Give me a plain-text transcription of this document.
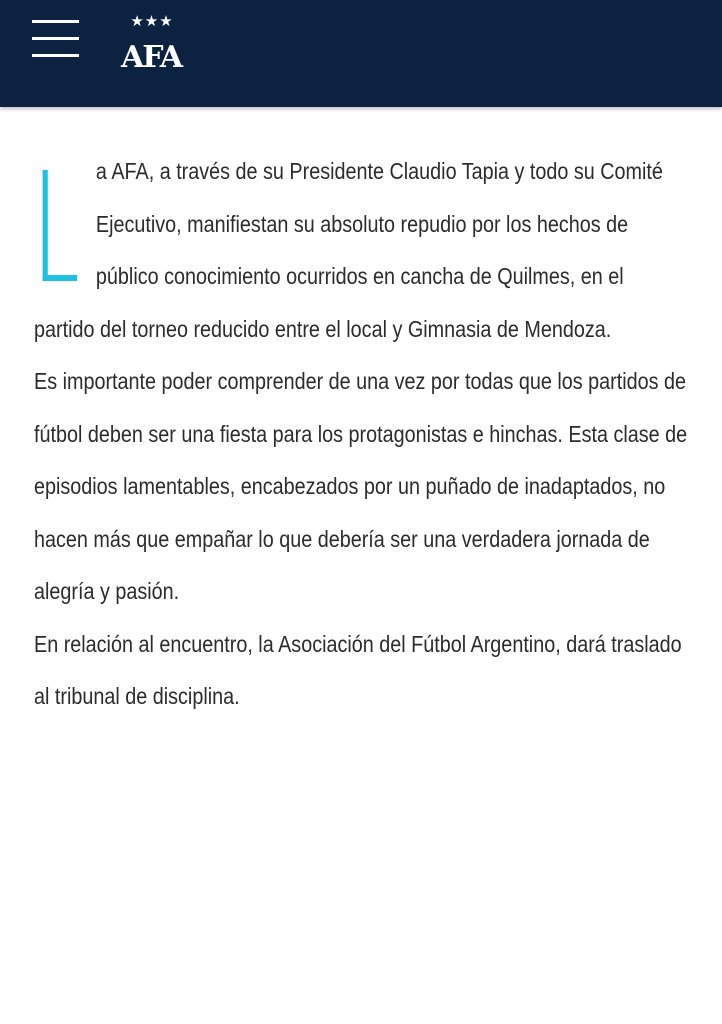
★★★
AFA

a AFA, a través de su Presidente Claudio Tapia y todo su Comité Ejecutivo, manifiestan su absoluto repudio por los hechos de público conocimiento ocurridos en cancha de Quilmes, en el partido del torneo reducido entre el local y Gimnasia de Mendoza.

Es importante poder comprender de una vez por todas que los partidos de fútbol deben ser una fiesta para los protagonistas e hinchas. Esta clase de episodios lamentables, encabezados por un puñado de inadaptados, no hacen más que empañar lo que debería ser una verdadera jornada de alegría y pasión.

En relación al encuentro, la Asociación del Fútbol Argentino, dará traslado al tribunal de disciplina.
